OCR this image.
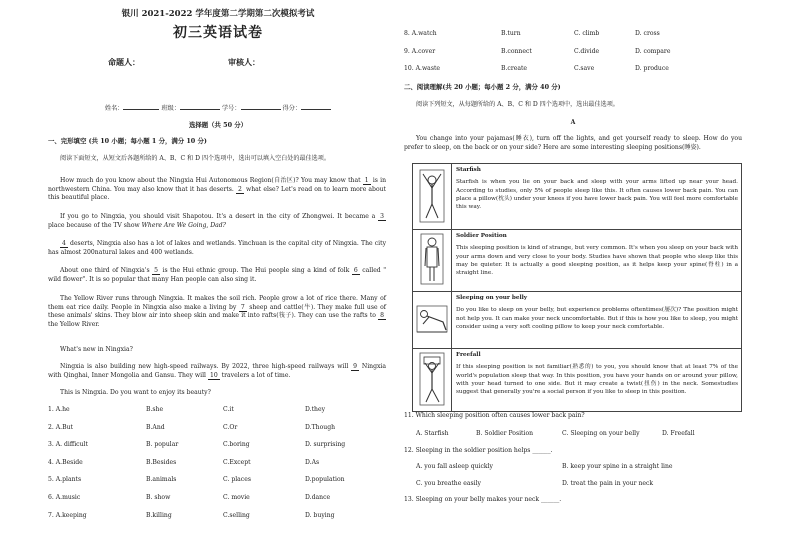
银川 2021-2022 学年度第二学期第二次模拟考试
初三英语试卷
命题人：	审核人：
姓名：	班级：	学号：	得分：
选择题（共 50 分）
一、完形填空 (共 10 小题；每小题 1 分，满分 10 分)
阅读下面短文，从短文后各题所给的 A、B、C 和 D 四个选项中，选出可以填入空白处的最佳选项。
How much do you know about the Ningxia Hui Autonomous Region(自治区)? You may know that 1 is in northwestern China. You may also know that it has deserts. 2 what else? Let's read on to learn more about this beautiful place.
If you go to Ningxia, you should visit Shapotou. It's a desert in the city of Zhongwei. It became a 3 place because of the TV show Where Are We Going, Dad?
4 deserts, Ningxia also has a lot of lakes and wetlands. Yinchuan is the capital city of Ningxia. The city has almost 200natural lakes and 400 wetlands.
About one third of Ningxia's 5 is the Hui ethnic group. The Hui people sing a kind of folk 6 called " wild flower". It is so popular that many Han people can also sing it.
The Yellow River runs through Ningxia. It makes the soil rich. People grow a lot of rice there. Many of them eat rice daily. People in Ningxia also make a living by 7 sheep and cattle(牛). They make full use of these animals' skins. They blow air into sheep skin and make it into rafts(筏子). They can use the rafts to 8 the Yellow River.
What's new in Ningxia?
Ningxia is also building new high-speed railways. By 2022, three high-speed railways will 9 Ningxia with Qinghai, Inner Mongolia and Gansu. They will 10 travelers a lot of time.
This is Ningxia. Do you want to enjoy its beauty?
1. A.he	B.she	C.it	D.they
2. A.But	B.And	C.Or	D.Though
3. A. difficult	B. popular	C.boring	D. surprising
4. A.Beside	B.Besides	C.Except	D.As
5. A.plants	B.animals	C. places	D.population
6. A.music	B. show	C. movie	D.dance
7. A.keeping	B.killing	C.selling	D. buying
8. A.watch	B.turn	C. climb	D. cross
9. A.cover	B.connect	C.divide	D. compare
10. A.waste	B.create	C.save	D. produce
二、阅读理解(共 20 小题；每小题 2 分，满分 40 分)
阅读下列短文，从每题所给的 A、B、C 和 D 四个选项中，选出最佳选项。
A
You change into your pajamas(睡衣), turn off the lights, and get yourself ready to sleep. How do you prefer to sleep, on the back or on your side? Here are some interesting sleeping positions(睡姿).
Starfish
Starfish is when you lie on your back and sleep with your arms lifted up near your head. According to studies, only 5% of people sleep like this. It often causes lower back pain. You can place a pillow(枕头) under your knees if you have lower back pain. You will feel more comfortable this way.
Soldier Position
This sleeping position is kind of strange, but very common. It's when you sleep on your back with your arms down and very close to your body. Studies have shown that people who sleep like this may be quieter. It is actually a good sleeping position, as it helps keep your spine(脊柱) in a straight line.
Sleeping on your belly
Do you like to sleep on your belly, but experience problems oftentimes(屡次)? The position might not help you. It can make your neck uncomfortable. But if this is how you like to sleep, you might consider using a very soft cooling pillow to keep your neck comfortable.
Freefall
If this sleeping position is not familiar(熟悉的) to you, you should know that at least 7% of the world's population sleep that way. In this position, you have your hands on or around your pillow, with your head turned to one side. But it may create a twist(扭伤) in the neck. Somestudies suggest that generally you're a social person if you like to sleep in this position.
11. Which sleeping position often causes lower back pain?
A. Starfish	B. Soldier Position	C. Sleeping on your belly	D. Freefall
12. Sleeping in the soldier position helps ______.
A. you fall asleep quickly	B. keep your spine in a straight line
C. you breathe easily	D. treat the pain in your neck
13. Sleeping on your belly makes your neck ______.
